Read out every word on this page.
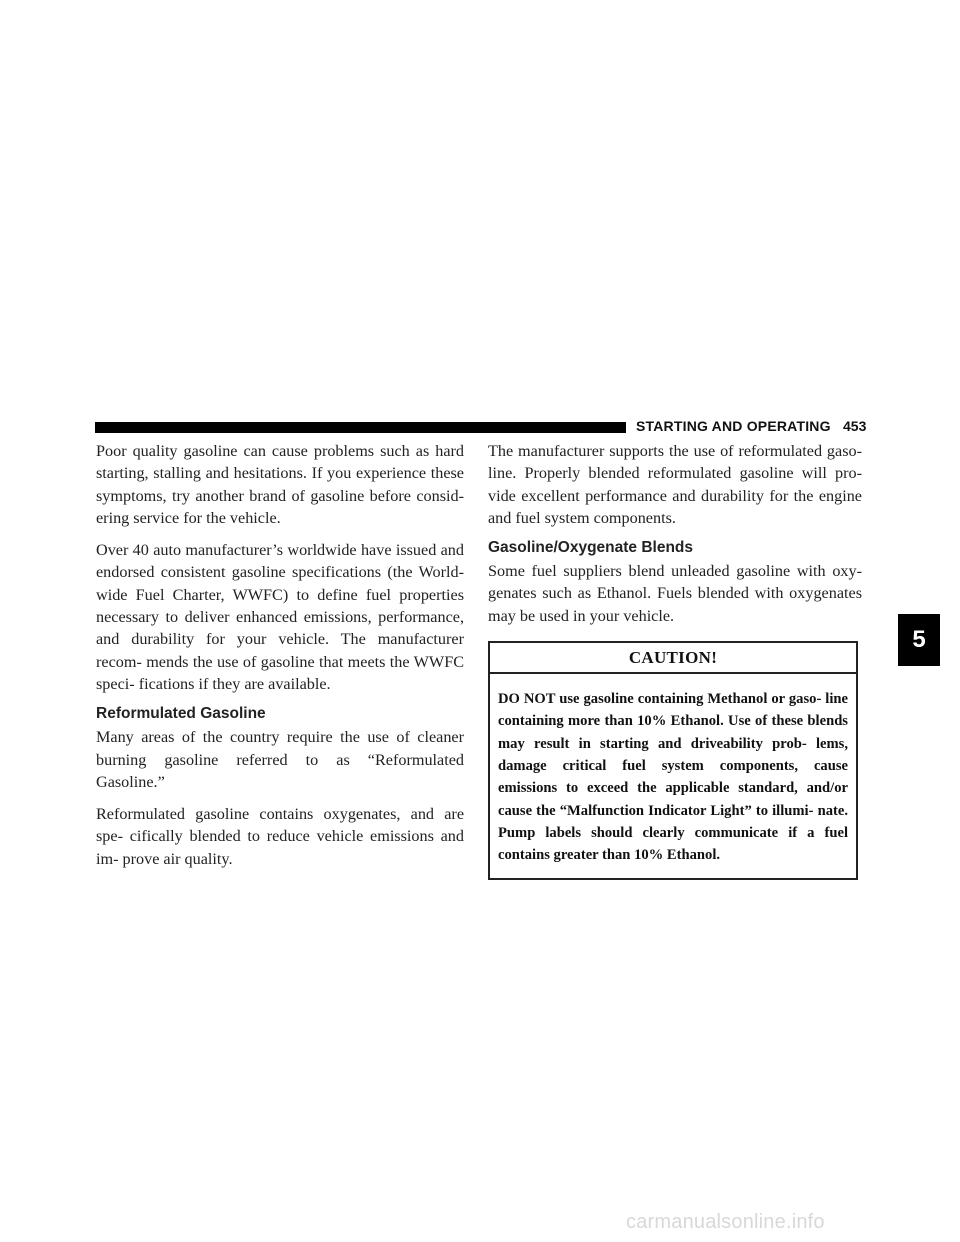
STARTING AND OPERATING 453

Poor quality gasoline can cause problems such as hard starting, stalling and hesitations. If you experience these symptoms, try another brand of gasoline before consid- ering service for the vehicle.

Over 40 auto manufacturer’s worldwide have issued and endorsed consistent gasoline specifications (the World- wide Fuel Charter, WWFC) to define fuel properties necessary to deliver enhanced emissions, performance, and durability for your vehicle. The manufacturer recom- mends the use of gasoline that meets the WWFC speci- fications if they are available.

Reformulated Gasoline

Many areas of the country require the use of cleaner burning gasoline referred to as “Reformulated Gasoline.”

Reformulated gasoline contains oxygenates, and are spe- cifically blended to reduce vehicle emissions and im- prove air quality.

The manufacturer supports the use of reformulated gaso- line. Properly blended reformulated gasoline will pro- vide excellent performance and durability for the engine and fuel system components.

Gasoline/Oxygenate Blends

Some fuel suppliers blend unleaded gasoline with oxy- genates such as Ethanol. Fuels blended with oxygenates may be used in your vehicle.

CAUTION!
DO NOT use gasoline containing Methanol or gaso- line containing more than 10% Ethanol. Use of these blends may result in starting and driveability prob- lems, damage critical fuel system components, cause emissions to exceed the applicable standard, and/or cause the “Malfunction Indicator Light” to illumi- nate. Pump labels should clearly communicate if a fuel contains greater than 10% Ethanol.
5
carmanualsonline.info
